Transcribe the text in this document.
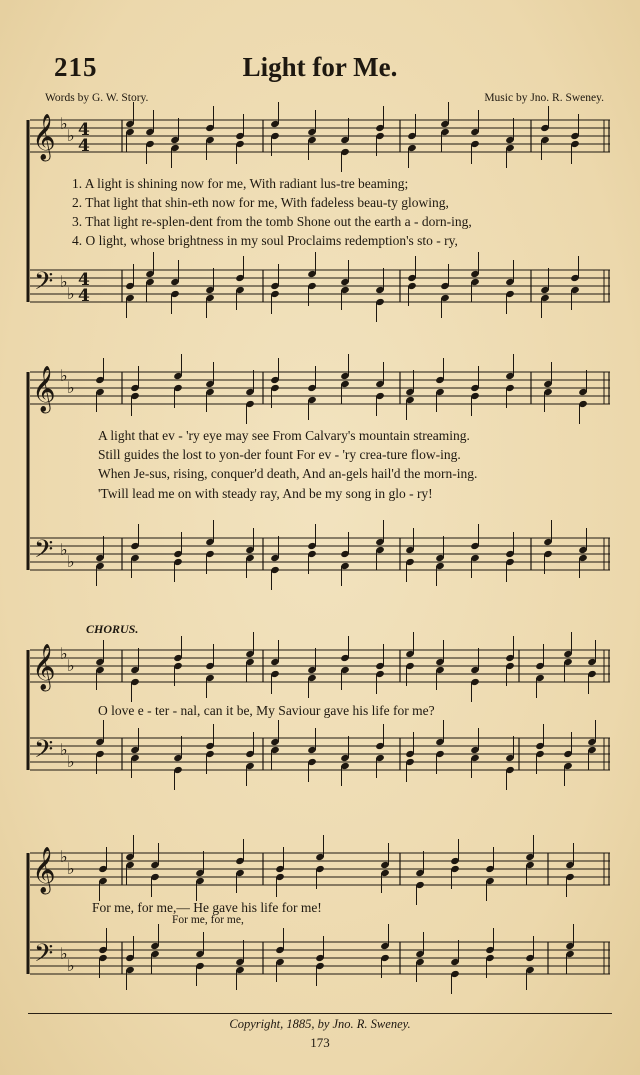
215	Light for Me.
Words by G. W. Story.	Music by Jno. R. Sweney.
𝄞
𝄢
♭
♭
♭
♭
4
4
4
4
𝄞
𝄢
♭
♭
♭
♭
𝄞
𝄢
♭
♭
♭
♭
𝄞
𝄢
♭
♭
♭
♭
1. A light is shining now for me, With radiant lus-tre beaming;
2. That light that shin-eth now for me, With fadeless beau-ty glowing,
3. That light re-splen-dent from the tomb Shone out the earth a - dorn-ing,
4. O light, whose brightness in my soul Proclaims redemption's sto - ry,
A light that ev - 'ry eye may see From Calvary's mountain streaming.
Still guides the lost to yon-der fount For ev - 'ry crea-ture flow-ing.
When Je-sus, rising, conquer'd death, And an-gels hail'd the morn-ing.
'Twill lead me on with steady ray, And be my song in glo - ry!
CHORUS.
O love e - ter - nal, can it be, My Saviour gave his life for me?
For me, for me,— He gave his life for me!
For me, for me,
Copyright, 1885, by Jno. R. Sweney.
173
